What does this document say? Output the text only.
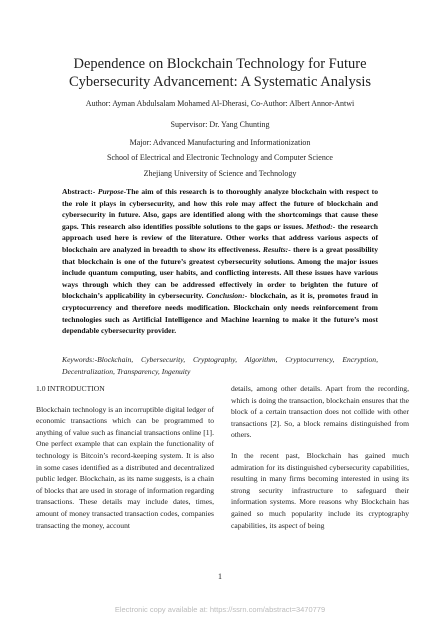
Dependence on Blockchain Technology for Future
Cybersecurity Advancement: A Systematic Analysis
Author: Ayman Abdulsalam Mohamed Al-Dherasi, Co-Author: Albert Annor-Antwi
Supervisor: Dr. Yang Chunting
Major: Advanced Manufacturing and Informationization
School of Electrical and Electronic Technology and Computer Science
Zhejiang University of Science and Technology
Abstract:- Purpose-The aim of this research is to thoroughly analyze blockchain with respect to the role it plays in cybersecurity, and how this role may affect the future of blockchain and cybersecurity in future. Also, gaps are identified along with the shortcomings that cause these gaps. This research also identifies possible solutions to the gaps or issues. Method:- the research approach used here is review of the literature. Other works that address various aspects of blockchain are analyzed in breadth to show its effectiveness. Results:- there is a great possibility that blockchain is one of the future’s greatest cybersecurity solutions. Among the major issues include quantum computing, user habits, and conflicting interests. All these issues have various ways through which they can be addressed effectively in order to brighten the future of blockchain’s applicability in cybersecurity. Conclusion:- blockchain, as it is, promotes fraud in cryptocurrency and therefore needs modification. Blockchain only needs reinforcement from technologies such as Artificial Intelligence and Machine learning to make it the future’s most dependable cybersecurity provider.
Keywords:-Blockchain, Cybersecurity, Cryptography, Algorithm, Cryptocurrency, Encryption, Decentralization, Transparency, Ingenuity

1.0 INTRODUCTION

Blockchain technology is an incorruptible digital ledger of economic transactions which can be programmed to anything of value such as financial transactions online [1]. One perfect example that can explain the functionality of technology is Bitcoin’s record-keeping system. It is also in some cases identified as a distributed and decentralized public ledger. Blockchain, as its name suggests, is a chain of blocks that are used in storage of information regarding transactions. These details may include dates, times, amount of money transacted transaction codes, companies transacting the money, account

details, among other details. Apart from the recording, which is doing the transaction, blockchain ensures that the block of a certain transaction does not collide with other transactions [2]. So, a block remains distinguished from others.

In the recent past, Blockchain has gained much admiration for its distinguished cybersecurity capabilities, resulting in many firms becoming interested in using its strong security infrastructure to safeguard their information systems. More reasons why Blockchain has gained so much popularity include its cryptography capabilities, its aspect of being

1
Electronic copy available at: https://ssrn.com/abstract=3470779
